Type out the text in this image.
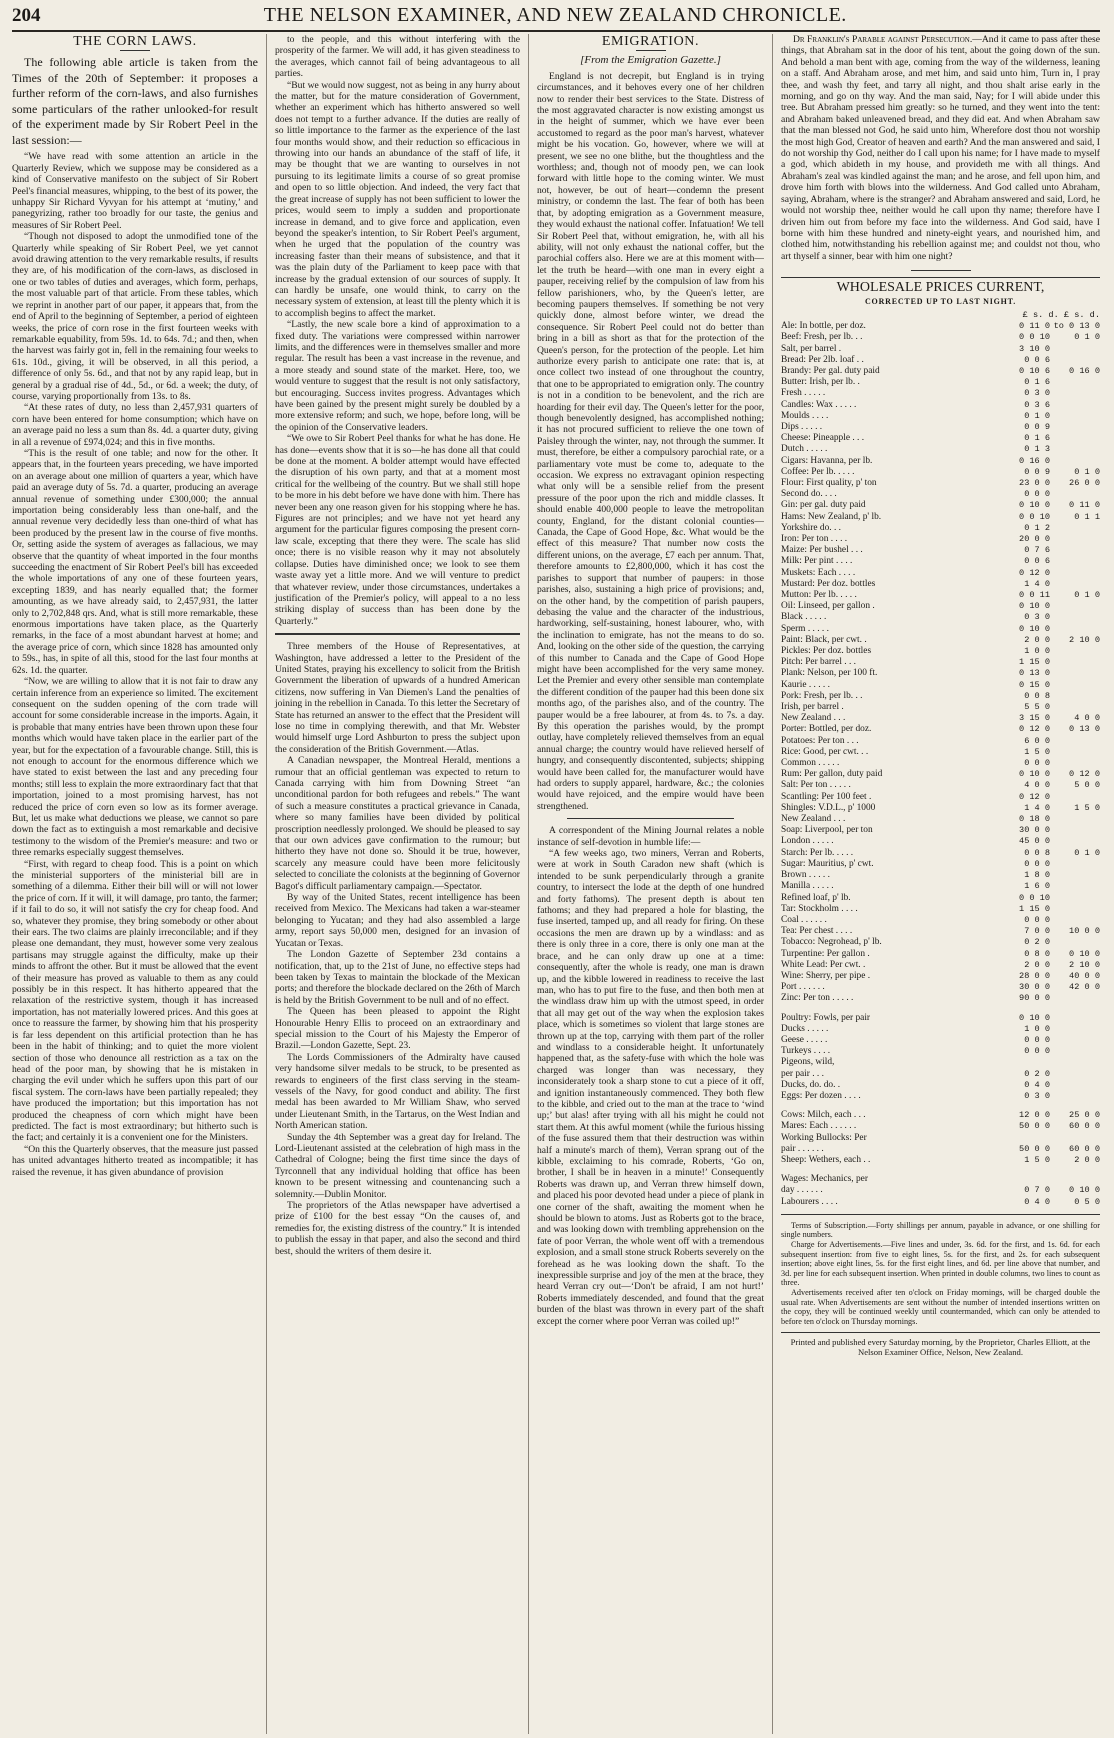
204	THE NELSON EXAMINER, AND NEW ZEALAND CHRONICLE.
THE CORN LAWS.

The following able article is taken from the Times of the 20th of September: it proposes a further reform of the corn-laws, and also furnishes some particulars of the rather unlooked-for result of the experiment made by Sir Robert Peel in the last session:—

“We have read with some attention an article in the Quarterly Review, which we suppose may be considered as a kind of Conservative manifesto on the subject of Sir Robert Peel's financial measures, whipping, to the best of its power, the unhappy Sir Richard Vyvyan for his attempt at ‘mutiny,’ and panegyrizing, rather too broadly for our taste, the genius and measures of Sir Robert Peel.

“Though not disposed to adopt the unmodified tone of the Quarterly while speaking of Sir Robert Peel, we yet cannot avoid drawing attention to the very remarkable results, if results they are, of his modification of the corn-laws, as disclosed in one or two tables of duties and averages, which form, perhaps, the most valuable part of that article. From these tables, which we reprint in another part of our paper, it appears that, from the end of April to the beginning of September, a period of eighteen weeks, the price of corn rose in the first fourteen weeks with remarkable equability, from 59s. 1d. to 64s. 7d.; and then, when the harvest was fairly got in, fell in the remaining four weeks to 61s. 10d., giving, it will be observed, in all this period, a difference of only 5s. 6d., and that not by any rapid leap, but in general by a gradual rise of 4d., 5d., or 6d. a week; the duty, of course, varying proportionally from 13s. to 8s.

“At these rates of duty, no less than 2,457,931 quarters of corn have been entered for home consumption; which have on an average paid no less a sum than 8s. 4d. a quarter duty, giving in all a revenue of £974,024; and this in five months.

“This is the result of one table; and now for the other. It appears that, in the fourteen years preceding, we have imported on an average about one million of quarters a year, which have paid an average duty of 5s. 7d. a quarter, producing an average annual revenue of something under £300,000; the annual importation being considerably less than one-half, and the annual revenue very decidedly less than one-third of what has been produced by the present law in the course of five months. Or, setting aside the system of averages as fallacious, we may observe that the quantity of wheat imported in the four months succeeding the enactment of Sir Robert Peel's bill has exceeded the whole importations of any one of these fourteen years, excepting 1839, and has nearly equalled that; the former amounting, as we have already said, to 2,457,931, the latter only to 2,702,848 qrs. And, what is still more remarkable, these enormous importations have taken place, as the Quarterly remarks, in the face of a most abundant harvest at home; and the average price of corn, which since 1828 has amounted only to 59s., has, in spite of all this, stood for the last four months at 62s. 1d. the quarter.

“Now, we are willing to allow that it is not fair to draw any certain inference from an experience so limited. The excitement consequent on the sudden opening of the corn trade will account for some considerable increase in the imports. Again, it is probable that many entries have been thrown upon these four months which would have taken place in the earlier part of the year, but for the expectation of a favourable change. Still, this is not enough to account for the enormous difference which we have stated to exist between the last and any preceding four months; still less to explain the more extraordinary fact that that importation, joined to a most promising harvest, has not reduced the price of corn even so low as its former average. But, let us make what deductions we please, we cannot so pare down the fact as to extinguish a most remarkable and decisive testimony to the wisdom of the Premier's measure: and two or three remarks especially suggest themselves.

“First, with regard to cheap food. This is a point on which the ministerial supporters of the ministerial bill are in something of a dilemma. Either their bill will or will not lower the price of corn. If it will, it will damage, pro tanto, the farmer; if it fail to do so, it will not satisfy the cry for cheap food. And so, whatever they promise, they bring somebody or other about their ears. The two claims are plainly irreconcilable; and if they please one demandant, they must, however some very zealous partisans may struggle against the difficulty, make up their minds to affront the other. But it must be allowed that the event of their measure has proved as valuable to them as any could possibly be in this respect. It has hitherto appeared that the relaxation of the restrictive system, though it has increased importation, has not materially lowered prices. And this goes at once to reassure the farmer, by showing him that his prosperity is far less dependent on this artificial protection than he has been in the habit of thinking; and to quiet the more violent section of those who denounce all restriction as a tax on the head of the poor man, by showing that he is mistaken in charging the evil under which he suffers upon this part of our fiscal system. The corn-laws have been partially repealed; they have produced the importation; but this importation has not produced the cheapness of corn which might have been predicted. The fact is most extraordinary; but hitherto such is the fact; and certainly it is a convenient one for the Ministers.

“On this the Quarterly observes, that the measure just passed has united advantages hitherto treated as incompatible; it has raised the revenue, it has given abundance of provision

to the people, and this without interfering with the prosperity of the farmer. We will add, it has given steadiness to the averages, which cannot fail of being advantageous to all parties.

“But we would now suggest, not as being in any hurry about the matter, but for the mature consideration of Government, whether an experiment which has hitherto answered so well does not tempt to a further advance. If the duties are really of so little importance to the farmer as the experience of the last four months would show, and their reduction so efficacious in throwing into our hands an abundance of the staff of life, it may be thought that we are wanting to ourselves in not pursuing to its legitimate limits a course of so great promise and open to so little objection. And indeed, the very fact that the great increase of supply has not been sufficient to lower the prices, would seem to imply a sudden and proportionate increase in demand, and to give force and application, even beyond the speaker's intention, to Sir Robert Peel's argument, when he urged that the population of the country was increasing faster than their means of subsistence, and that it was the plain duty of the Parliament to keep pace with that increase by the gradual extension of our sources of supply. It can hardly be unsafe, one would think, to carry on the necessary system of extension, at least till the plenty which it is to accomplish begins to affect the market.

“Lastly, the new scale bore a kind of approximation to a fixed duty. The variations were compressed within narrower limits, and the differences were in themselves smaller and more regular. The result has been a vast increase in the revenue, and a more steady and sound state of the market. Here, too, we would venture to suggest that the result is not only satisfactory, but encouraging. Success invites progress. Advantages which have been gained by the present might surely be doubled by a more extensive reform; and such, we hope, before long, will be the opinion of the Conservative leaders.

“We owe to Sir Robert Peel thanks for what he has done. He has done—events show that it is so—he has done all that could be done at the moment. A bolder attempt would have effected the disruption of his own party, and that at a moment most critical for the wellbeing of the country. But we shall still hope to be more in his debt before we have done with him. There has never been any one reason given for his stopping where he has. Figures are not principles; and we have not yet heard any argument for the particular figures composing the present corn-law scale, excepting that there they were. The scale has slid once; there is no visible reason why it may not absolutely collapse. Duties have diminished once; we look to see them waste away yet a little more. And we will venture to predict that whatever review, under those circumstances, undertakes a justification of the Premier's policy, will appeal to a no less striking display of success than has been done by the Quarterly.”

Three members of the House of Representatives, at Washington, have addressed a letter to the President of the United States, praying his excellency to solicit from the British Government the liberation of upwards of a hundred American citizens, now suffering in Van Diemen's Land the penalties of joining in the rebellion in Canada. To this letter the Secretary of State has returned an answer to the effect that the President will lose no time in complying therewith, and that Mr. Webster would himself urge Lord Ashburton to press the subject upon the consideration of the British Government.—Atlas.

A Canadian newspaper, the Montreal Herald, mentions a rumour that an official gentleman was expected to return to Canada carrying with him from Downing Street “an unconditional pardon for both refugees and rebels.” The want of such a measure constitutes a practical grievance in Canada, where so many families have been divided by political proscription needlessly prolonged. We should be pleased to say that our own advices gave confirmation to the rumour; but hitherto they have not done so. Should it be true, however, scarcely any measure could have been more felicitously selected to conciliate the colonists at the beginning of Governor Bagot's difficult parliamentary campaign.—Spectator.

By way of the United States, recent intelligence has been received from Mexico. The Mexicans had taken a war-steamer belonging to Yucatan; and they had also assembled a large army, report says 50,000 men, designed for an invasion of Yucatan or Texas.

The London Gazette of September 23d contains a notification, that, up to the 21st of June, no effective steps had been taken by Texas to maintain the blockade of the Mexican ports; and therefore the blockade declared on the 26th of March is held by the British Government to be null and of no effect.

The Queen has been pleased to appoint the Right Honourable Henry Ellis to proceed on an extraordinary and special mission to the Court of his Majesty the Emperor of Brazil.—London Gazette, Sept. 23.

The Lords Commissioners of the Admiralty have caused very handsome silver medals to be struck, to be presented as rewards to engineers of the first class serving in the steam-vessels of the Navy, for good conduct and ability. The first medal has been awarded to Mr William Shaw, who served under Lieutenant Smith, in the Tartarus, on the West Indian and North American station.

Sunday the 4th September was a great day for Ireland. The Lord-Lieutenant assisted at the celebration of high mass in the Cathedral of Cologne; being the first time since the days of Tyrconnell that any individual holding that office has been known to be present witnessing and countenancing such a solemnity.—Dublin Monitor.

The proprietors of the Atlas newspaper have advertised a prize of £100 for the best essay “On the causes of, and remedies for, the existing distress of the country.” It is intended to publish the essay in that paper, and also the second and third best, should the writers of them desire it.

EMIGRATION.
[From the Emigration Gazette.]

England is not decrepit, but England is in trying circumstances, and it behoves every one of her children now to render their best services to the State. Distress of the most aggravated character is now existing amongst us in the height of summer, which we have ever been accustomed to regard as the poor man's harvest, whatever might be his vocation. Go, however, where we will at present, we see no one blithe, but the thoughtless and the worthless; and, though not of moody pen, we can look forward with little hope to the coming winter. We must not, however, be out of heart—condemn the present ministry, or condemn the last. The fear of both has been that, by adopting emigration as a Government measure, they would exhaust the national coffer. Infatuation! We tell Sir Robert Peel that, without emigration, he, with all his ability, will not only exhaust the national coffer, but the parochial coffers also. Here we are at this moment with—let the truth be heard—with one man in every eight a pauper, receiving relief by the compulsion of law from his fellow parishioners, who, by the Queen's letter, are becoming paupers themselves. If something be not very quickly done, almost before winter, we dread the consequence. Sir Robert Peel could not do better than bring in a bill as short as that for the protection of the Queen's person, for the protection of the people. Let him authorize every parish to anticipate one rate: that is, at once collect two instead of one throughout the country, that one to be appropriated to emigration only. The country is not in a condition to be benevolent, and the rich are hoarding for their evil day. The Queen's letter for the poor, though benevolently designed, has accomplished nothing; it has not procured sufficient to relieve the one town of Paisley through the winter, nay, not through the summer. It must, therefore, be either a compulsory parochial rate, or a parliamentary vote must be come to, adequate to the occasion. We express no extravagant opinion respecting what only will be a sensible relief from the present pressure of the poor upon the rich and middle classes. It should enable 400,000 people to leave the metropolitan county, England, for the distant colonial counties—Canada, the Cape of Good Hope, &c. What would be the effect of this measure? That number now costs the different unions, on the average, £7 each per annum. That, therefore amounts to £2,800,000, which it has cost the parishes to support that number of paupers: in those parishes, also, sustaining a high price of provisions; and, on the other hand, by the competition of parish paupers, debasing the value and the character of the industrious, hardworking, self-sustaining, honest labourer, who, with the inclination to emigrate, has not the means to do so. And, looking on the other side of the question, the carrying of this number to Canada and the Cape of Good Hope might have been accomplished for the very same money. Let the Premier and every other sensible man contemplate the different condition of the pauper had this been done six months ago, of the parishes also, and of the country. The pauper would be a free labourer, at from 4s. to 7s. a day. By this operation the parishes would, by the prompt outlay, have completely relieved themselves from an equal annual charge; the country would have relieved herself of hungry, and consequently discontented, subjects; shipping would have been called for, the manufacturer would have had orders to supply apparel, hardware, &c.; the colonies would have rejoiced, and the empire would have been strengthened.

A correspondent of the Mining Journal relates a noble instance of self-devotion in humble life:—

“A few weeks ago, two miners, Verran and Roberts, were at work in South Caradon new shaft (which is intended to be sunk perpendicularly through a granite country, to intersect the lode at the depth of one hundred and forty fathoms). The present depth is about ten fathoms; and they had prepared a hole for blasting, the fuse inserted, tamped up, and all ready for firing. On these occasions the men are drawn up by a windlass: and as there is only three in a core, there is only one man at the brace, and he can only draw up one at a time: consequently, after the whole is ready, one man is drawn up, and the kibble lowered in readiness to receive the last man, who has to put fire to the fuse, and then both men at the windlass draw him up with the utmost speed, in order that all may get out of the way when the explosion takes place, which is sometimes so violent that large stones are thrown up at the top, carrying with them part of the roller and windlass to a considerable height. It unfortunately happened that, as the safety-fuse with which the hole was charged was longer than was necessary, they inconsiderately took a sharp stone to cut a piece of it off, and ignition instantaneously commenced. They both flew to the kibble, and cried out to the man at the trace to ‘wind up;’ but alas! after trying with all his might he could not start them. At this awful moment (while the furious hissing of the fuse assured them that their destruction was within half a minute's march of them), Verran sprang out of the kibble, exclaiming to his comrade, Roberts, ‘Go on, brother, I shall be in heaven in a minute!’ Consequently Roberts was drawn up, and Verran threw himself down, and placed his poor devoted head under a piece of plank in one corner of the shaft, awaiting the moment when he should be blown to atoms. Just as Roberts got to the brace, and was looking down with trembling apprehension on the fate of poor Verran, the whole went off with a tremendous explosion, and a small stone struck Roberts severely on the forehead as he was looking down the shaft. To the inexpressible surprise and joy of the men at the brace, they heard Verran cry out—‘Don't be afraid, I am not hurt!’ Roberts immediately descended, and found that the great burden of the blast was thrown in every part of the shaft except the corner where poor Verran was coiled up!”

Dr Franklin's Parable against Persecution.—And it came to pass after these things, that Abraham sat in the door of his tent, about the going down of the sun. And behold a man bent with age, coming from the way of the wilderness, leaning on a staff. And Abraham arose, and met him, and said unto him, Turn in, I pray thee, and wash thy feet, and tarry all night, and thou shalt arise early in the morning, and go on thy way. And the man said, Nay; for I will abide under this tree. But Abraham pressed him greatly: so he turned, and they went into the tent: and Abraham baked unleavened bread, and they did eat. And when Abraham saw that the man blessed not God, he said unto him, Wherefore dost thou not worship the most high God, Creator of heaven and earth? And the man answered and said, I do not worship thy God, neither do I call upon his name; for I have made to myself a god, which abideth in my house, and provideth me with all things. And Abraham's zeal was kindled against the man; and he arose, and fell upon him, and drove him forth with blows into the wilderness. And God called unto Abraham, saying, Abraham, where is the stranger? and Abraham answered and said, Lord, he would not worship thee, neither would he call upon thy name; therefore have I driven him out from before my face into the wilderness. And God said, have I borne with him these hundred and ninety-eight years, and nourished him, and clothed him, notwithstanding his rebellion against me; and couldst not thou, who art thyself a sinner, bear with him one night?

WHOLESALE PRICES CURRENT,
CORRECTED UP TO LAST NIGHT.
£ s. d. £ s. d.
Ale: In bottle, per doz.	0 11 0 to 0 13 0
Beef: Fresh, per lb. . .	0 0 10	0 1 0
Salt, per barrel .	3 10 0
Bread: Per 2lb. loaf . .	0 0 6
Brandy: Per gal. duty paid	0 10 6	0 16 0
Butter: Irish, per lb. .	0 1 6
Fresh . . . . .	0 3 0
Candles: Wax . . . . .	0 3 6
Moulds . . . .	0 1 0
Dips . . . . .	0 0 9
Cheese: Pineapple . . .	0 1 6
Dutch . . . . .	0 1 3
Cigars: Havanna, per lb.	0 16 0
Coffee: Per lb. . . . .	0 0 9	0 1 0
Flour: First quality, p' ton	23 0 0	26 0 0
Second do. . . .	0 0 0
Gin: per gal. duty paid	0 10 0	0 11 0
Hams: New Zealand, p' lb.	0 0 10	0 1 1
Yorkshire do. . .	0 1 2
Iron: Per ton . . . .	20 0 0
Maize: Per bushel . . .	0 7 6
Milk: Per pint . . . .	0 0 6
Muskets: Each . . . .	0 12 0
Mustard: Per doz. bottles	1 4 0
Mutton: Per lb. . . . .	0 0 11	0 1 0
Oil: Linseed, per gallon .	0 10 0
Black . . . . .	0 3 0
Sperm . . . . .	0 10 0
Paint: Black, per cwt. .	2 0 0	2 10 0
Pickles: Per doz. bottles	1 0 0
Pitch: Per barrel . . .	1 15 0
Plank: Nelson, per 100 ft.	0 13 0
Kaurie . . . . .	0 15 0
Pork: Fresh, per lb. . .	0 0 8
Irish, per barrel .	5 5 0
New Zealand . . .	3 15 0	4 0 0
Porter: Bottled, per doz.	0 12 0	0 13 0
Potatoes: Per ton . . .	6 0 0
Rice: Good, per cwt. . .	1 5 0
Common . . . . .	0 0 0
Rum: Per gallon, duty paid	0 10 0	0 12 0
Salt: Per ton . . . . .	4 0 0	5 0 0
Scantling: Per 100 feet .	0 12 0
Shingles: V.D.L., p' 1000	1 4 0	1 5 0
New Zealand . . .	0 18 0
Soap: Liverpool, per ton	30 0 0
London . . . . .	45 0 0
Starch: Per lb. . . . .	0 0 8	0 1 0
Sugar: Mauritius, p' cwt.	0 0 0
Brown . . . . .	1 8 0
Manilla . . . . .	1 6 0
Refined loaf, p' lb.	0 0 10
Tar: Stockholm . . . .	1 15 0
Coal . . . . . .	0 0 0
Tea: Per chest . . . .	7 0 0	10 0 0
Tobacco: Negrohead, p' lb.	0 2 0
Turpentine: Per gallon .	0 8 0	0 10 0
White Lead: Per cwt. .	2 0 0	2 10 0
Wine: Sherry, per pipe .	28 0 0	40 0 0
Port . . . . . .	30 0 0	42 0 0
Zinc: Per ton . . . . .	90 0 0
Poultry: Fowls, per pair	0 10 0
Ducks . . . . .	1 0 0
Geese . . . . .	0 0 0
Turkeys . . . .	0 0 0
Pigeons, wild,
per pair . . .	0 2 0
Ducks, do. do. .	0 4 0
Eggs: Per dozen . . . .	0 3 0
Cows: Milch, each . . .	12 0 0	25 0 0
Mares: Each . . . . . .	50 0 0	60 0 0
Working Bullocks: Per
pair . . . . . .	50 0 0	60 0 0
Sheep: Wethers, each . .	1 5 0	2 0 0
Wages: Mechanics, per
day . . . . . .	0 7 0	0 10 0
Labourers . . . .	0 4 0	0 5 0

Terms of Subscription.—Forty shillings per annum, payable in advance, or one shilling for single numbers.

Charge for Advertisements.—Five lines and under, 3s. 6d. for the first, and 1s. 6d. for each subsequent insertion: from five to eight lines, 5s. for the first, and 2s. for each subsequent insertion; above eight lines, 5s. for the first eight lines, and 6d. per line above that number, and 3d. per line for each subsequent insertion. When printed in double columns, two lines to count as three.

Advertisements received after ten o'clock on Friday mornings, will be charged double the usual rate. When Advertisements are sent without the number of intended insertions written on the copy, they will be continued weekly until countermanded, which can only be attended to before ten o'clock on Thursday mornings.

Printed and published every Saturday morning, by the Proprietor, Charles Elliott, at the Nelson Examiner Office, Nelson, New Zealand.
